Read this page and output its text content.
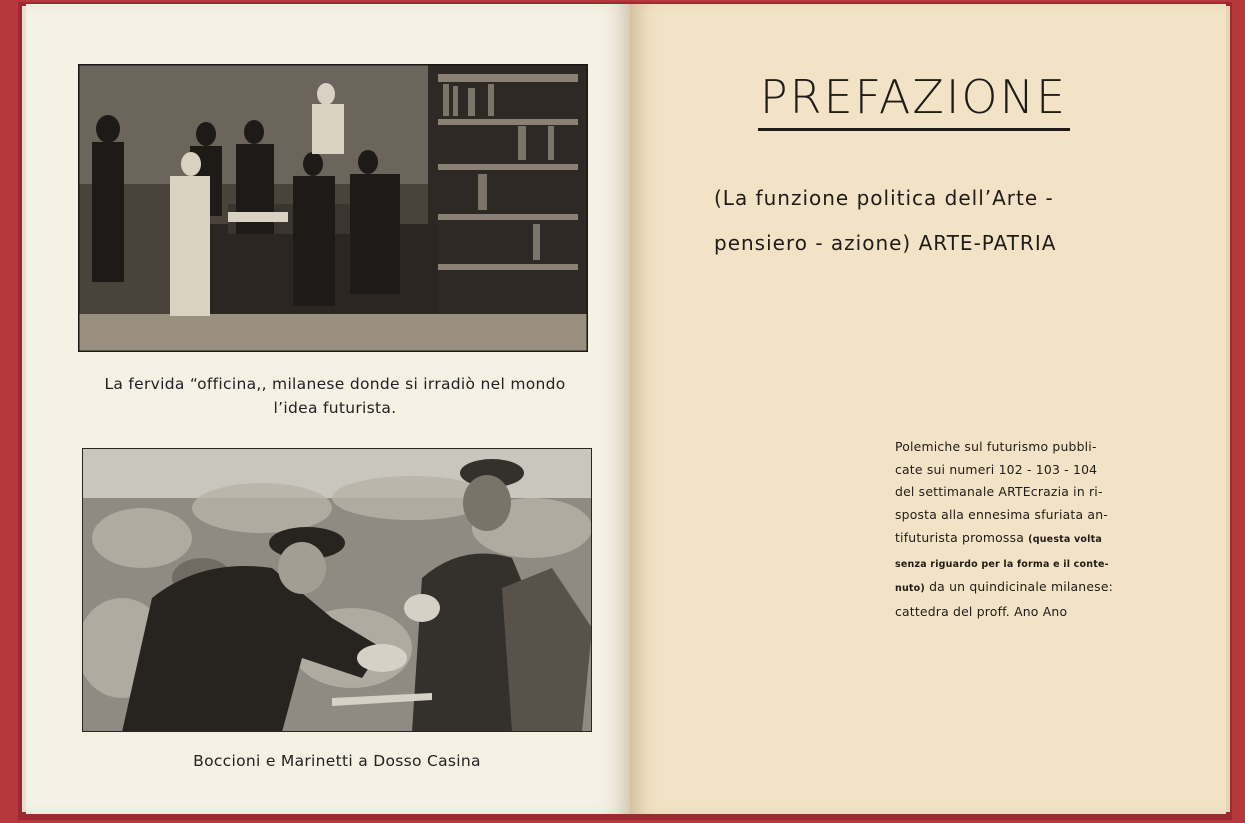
La fervida “officina,, milanese donde si irradiò nel mondo
l’idea futurista.
Boccioni e Marinetti a Dosso Casina
PREFAZIONE
(La funzione politica dell’Arte -
pensiero - azione) ARTE-PATRIA
Polemiche sul futurismo pubbli-
cate sui numeri 102 - 103 - 104
del settimanale ARTEcrazia in ri-
sposta alla ennesima sfuriata an-
tifuturista promossa (questa volta
senza riguardo per la forma e il conte-
nuto) da un quindicinale milanese:
cattedra del proff. Ano Ano
